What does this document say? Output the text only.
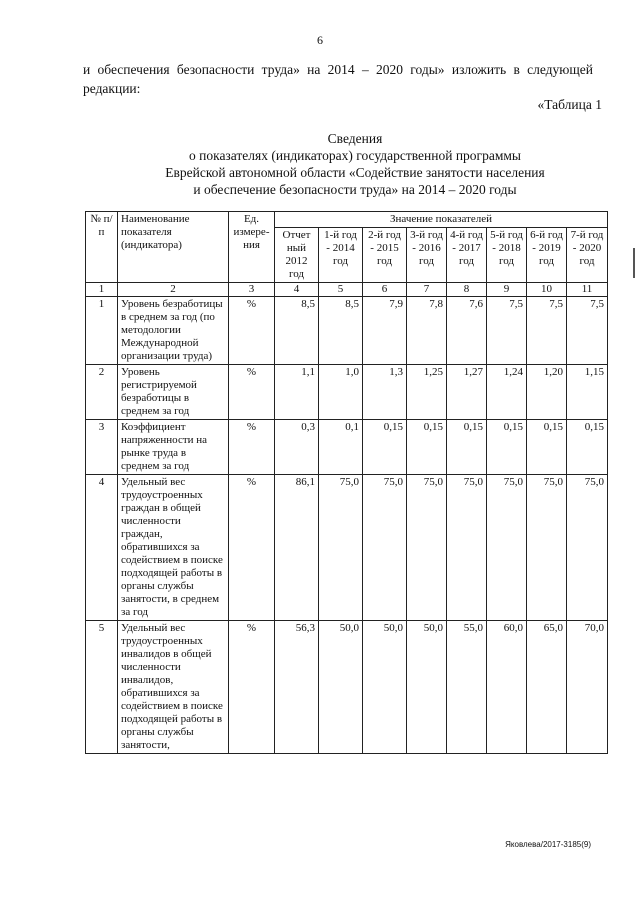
6
и обеспечения безопасности труда» на 2014 – 2020 годы» изложить в следующей редакции:
«Таблица 1
Сведения
о показателях (индикаторах) государственной программы
Еврейской автономной области «Содействие занятости населения
и обеспечение безопасности труда» на 2014 – 2020 годы
№ п/п	Наименование показателя (индикатора)	Ед. измере-ния	Значение показателей							
			Отчет ный 2012 год	1-й год - 2014 год	2-й год - 2015 год	3-й год - 2016 год	4-й год - 2017 год	5-й год - 2018 год	6-й год - 2019 год	7-й год - 2020 год
1	2	3	4	5	6	7	8	9	10	11
1	Уровень безработицы в среднем за год (по методологии Международной организации труда)	%	8,5	8,5	7,9	7,8	7,6	7,5	7,5	7,5
2	Уровень регистрируемой безработицы в среднем за год	%	1,1	1,0	1,3	1,25	1,27	1,24	1,20	1,15
3	Коэффициент напряженности на рынке труда в среднем за год	%	0,3	0,1	0,15	0,15	0,15	0,15	0,15	0,15
4	Удельный вес трудоустроенных граждан в общей численности граждан, обратившихся за содействием в поиске подходящей работы в органы службы занятости, в среднем за год	%	86,1	75,0	75,0	75,0	75,0	75,0	75,0	75,0
5	Удельный вес трудоустроенных инвалидов в общей численности инвалидов, обратившихся за содействием в поиске подходящей работы в органы службы занятости,	%	56,3	50,0	50,0	50,0	55,0	60,0	65,0	70,0
Яковлева/2017-3185(9)
